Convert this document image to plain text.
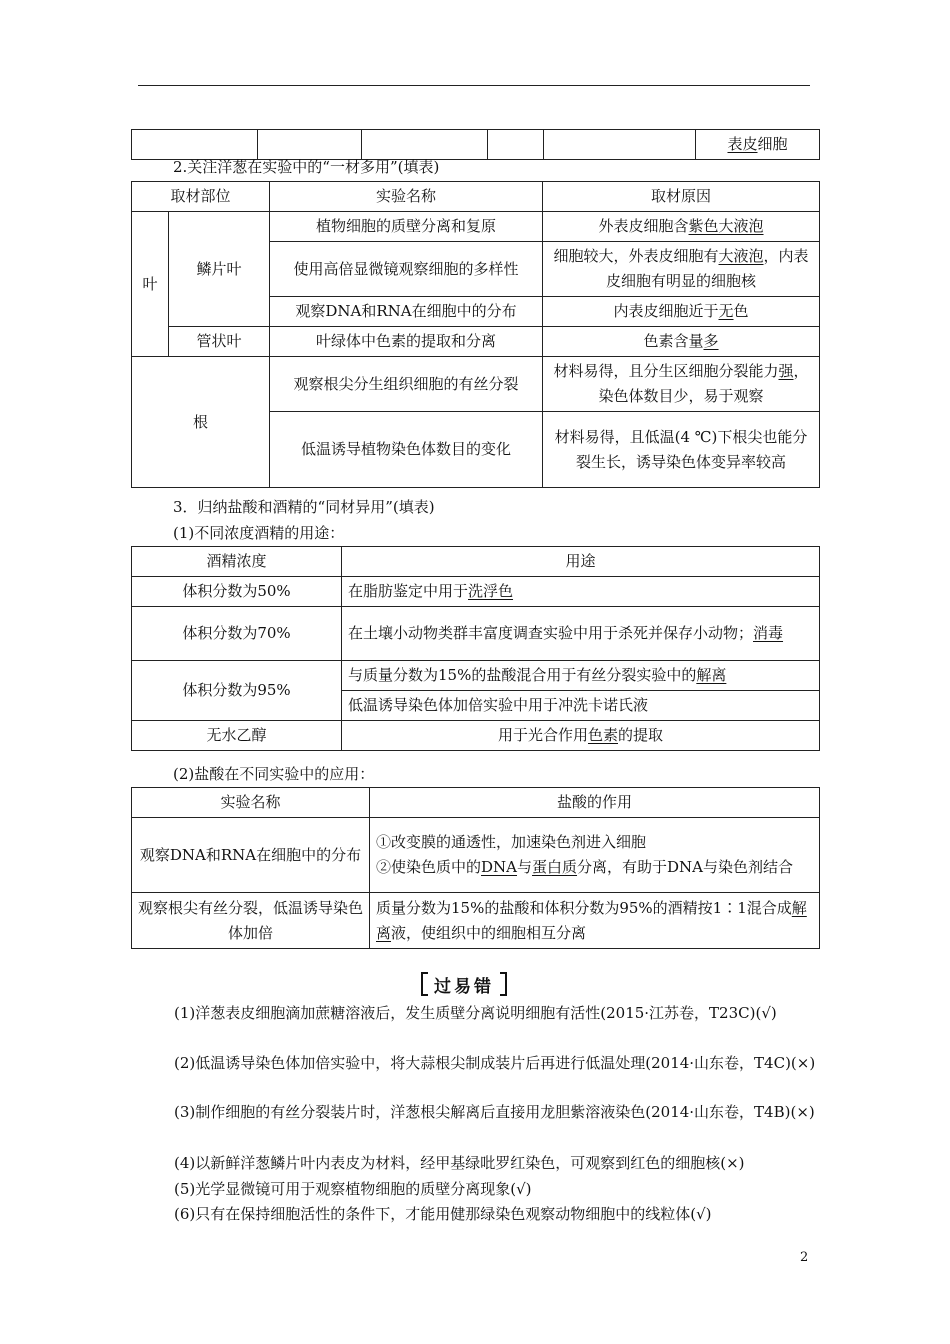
					表皮细胞
2.关注洋葱在实验中的“一材多用”(填表)
取材部位		实验名称	取材原因
叶	鳞片叶	植物细胞的质壁分离和复原	外表皮细胞含紫色大液泡
		使用高倍显微镜观察细胞的多样性	细胞较大，外表皮细胞有大液泡，内表皮细胞有明显的细胞核
		观察DNA和RNA在细胞中的分布	内表皮细胞近于无色
	管状叶	叶绿体中色素的提取和分离	色素含量多
根		观察根尖分生组织细胞的有丝分裂	材料易得，且分生区细胞分裂能力强，染色体数目少，易于观察
		低温诱导植物染色体数目的变化	材料易得，且低温(4 ℃)下根尖也能分裂生长，诱导染色体变异率较高
3．归纳盐酸和酒精的“同材异用”(填表)
(1)不同浓度酒精的用途：
酒精浓度	用途
体积分数为50%	在脂肪鉴定中用于洗浮色
体积分数为70%	在土壤小动物类群丰富度调查实验中用于杀死并保存小动物；消毒
体积分数为95%	与质量分数为15%的盐酸混合用于有丝分裂实验中的解离
	低温诱导染色体加倍实验中用于冲洗卡诺氏液
无水乙醇	用于光合作用色素的提取
(2)盐酸在不同实验中的应用：
实验名称	盐酸的作用
观察DNA和RNA在细胞中的分布	①改变膜的通透性，加速染色剂进入细胞
②使染色质中的DNA与蛋白质分离，有助于DNA与染色剂结合

观察根尖有丝分裂，低温诱导染色体加倍	质量分数为15%的盐酸和体积分数为95%的酒精按1∶1混合成解离液，使组织中的细胞相互分离
过易错
(1)洋葱表皮细胞滴加蔗糖溶液后，发生质壁分离说明细胞有活性(2015·江苏卷，T23C)(√)
(2)低温诱导染色体加倍实验中，将大蒜根尖制成装片后再进行低温处理(2014·山东卷，T4C)(×)
(3)制作细胞的有丝分裂装片时，洋葱根尖解离后直接用龙胆紫溶液染色(2014·山东卷，T4B)(×)
(4)以新鲜洋葱鳞片叶内表皮为材料，经甲基绿吡罗红染色，可观察到红色的细胞核(×)
(5)光学显微镜可用于观察植物细胞的质壁分离现象(√)
(6)只有在保持细胞活性的条件下，才能用健那绿染色观察动物细胞中的线粒体(√)
2
